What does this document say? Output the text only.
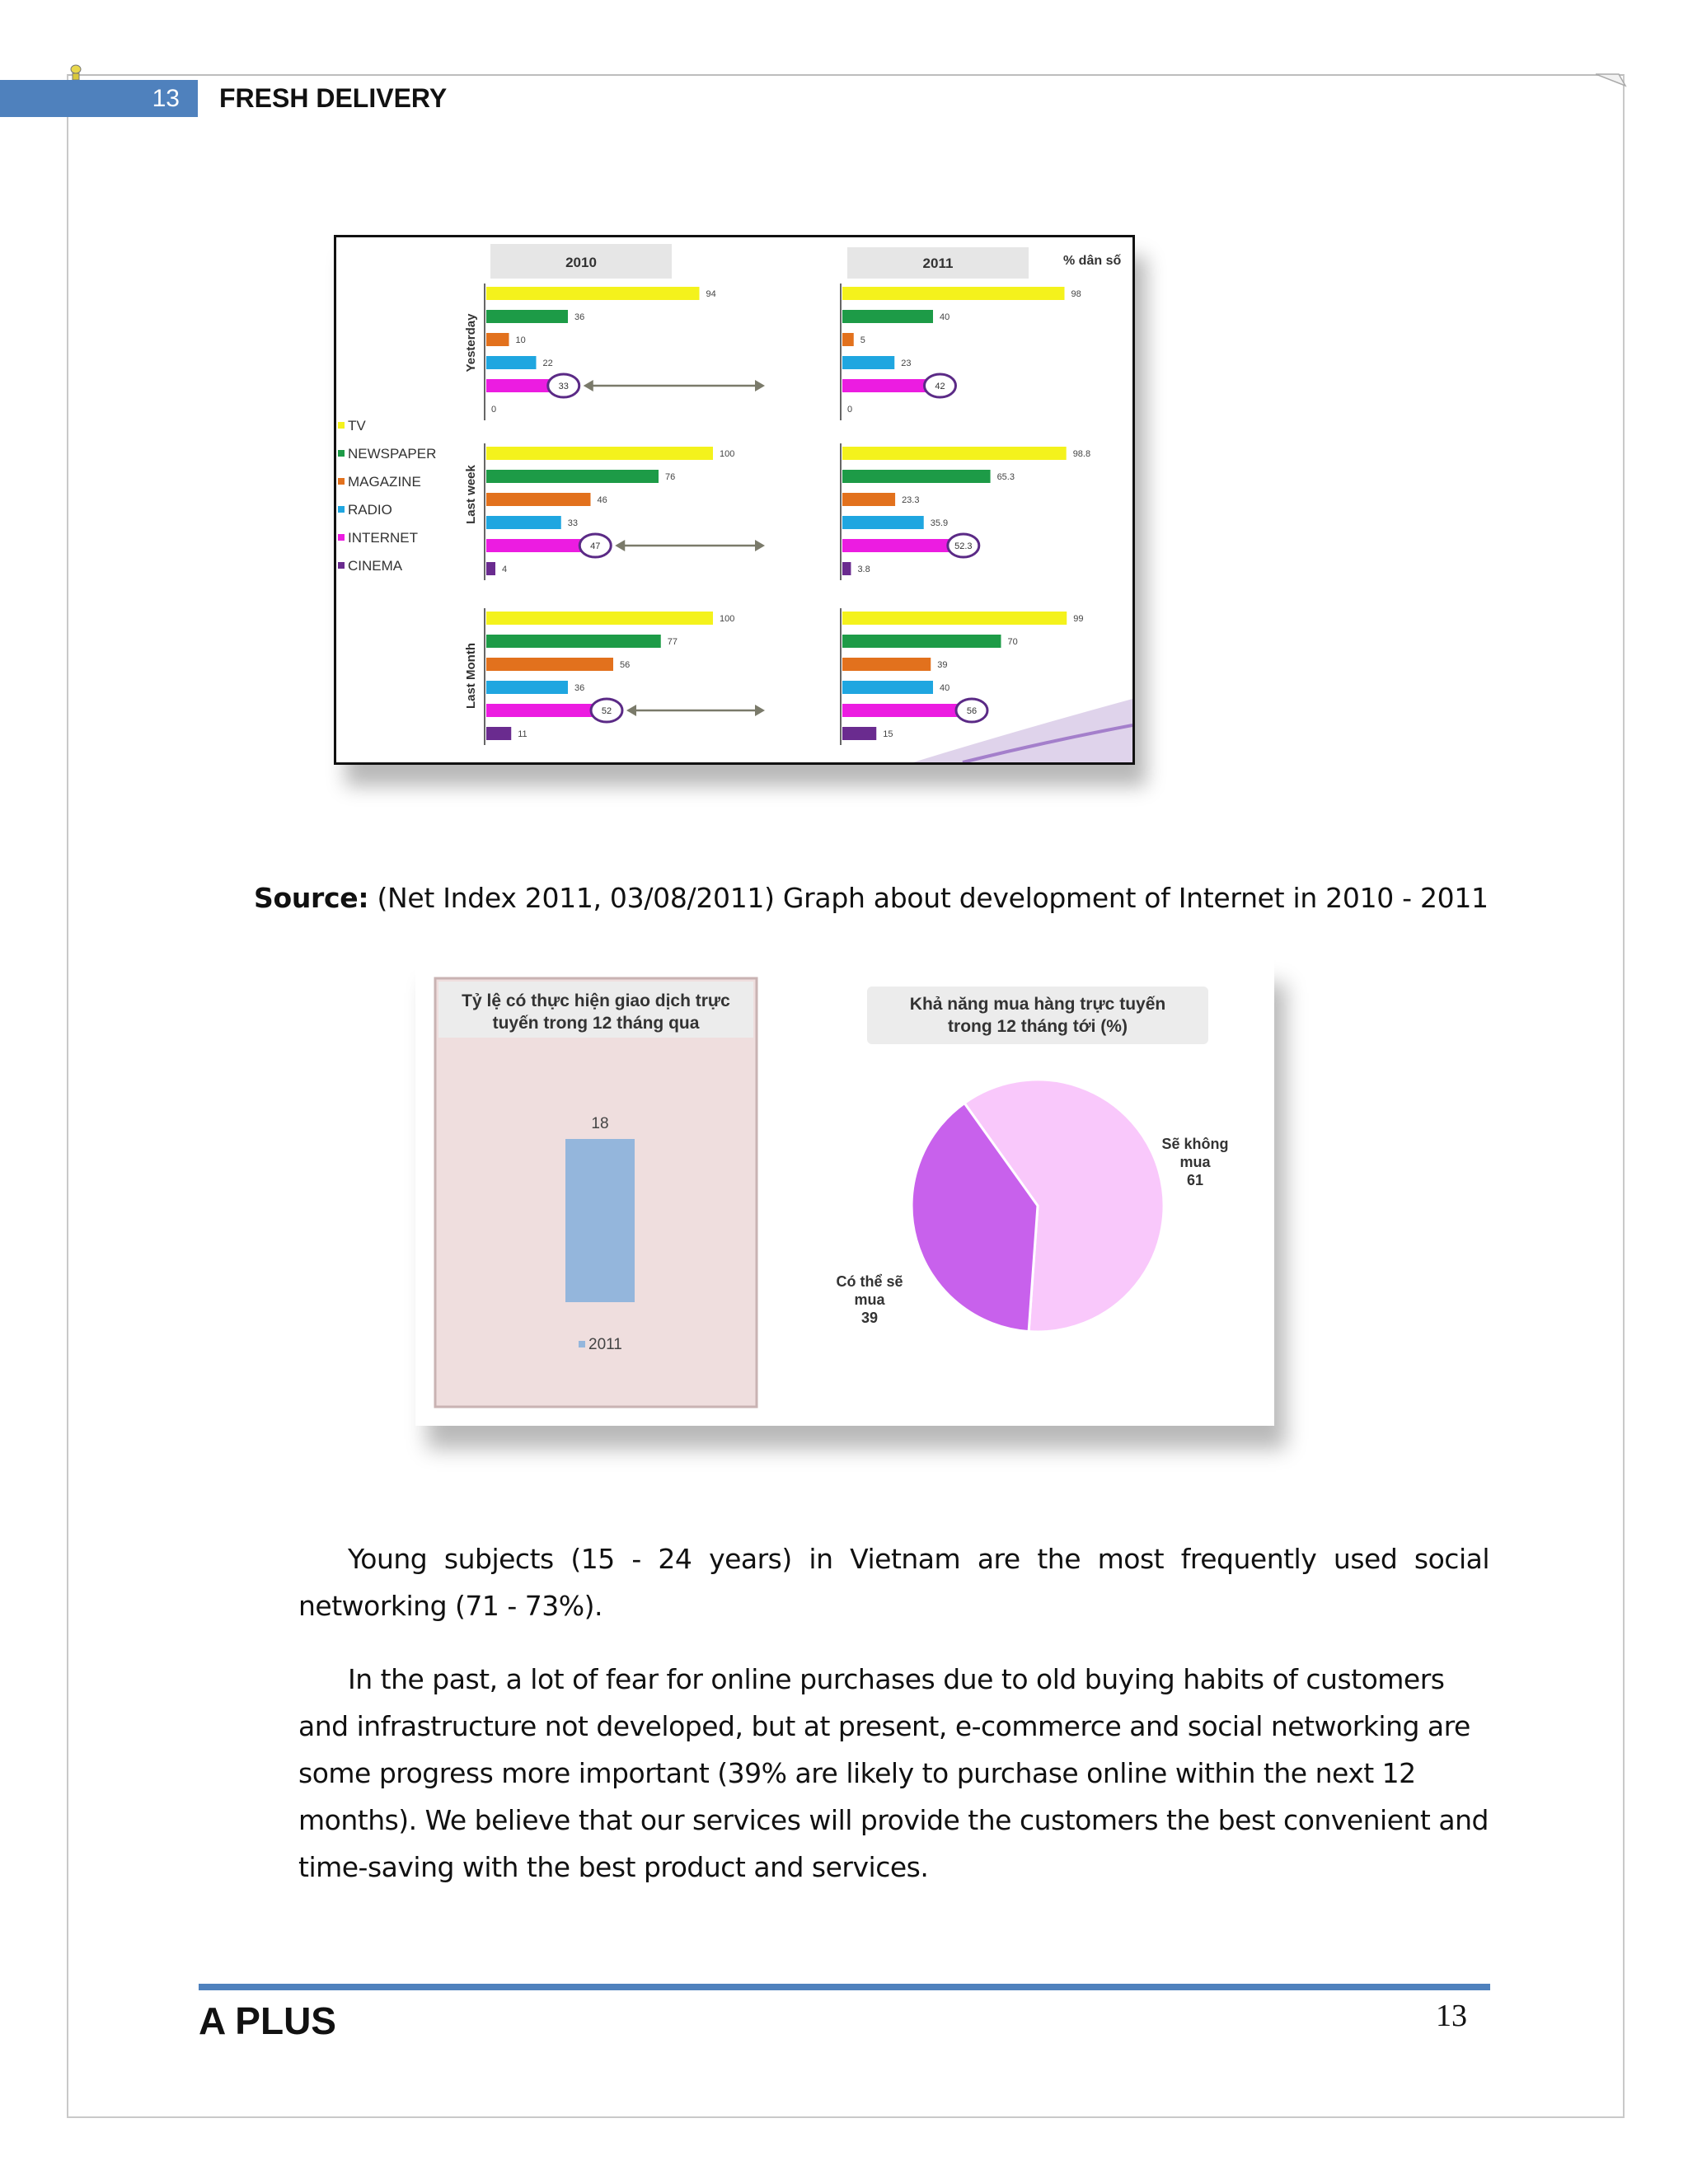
13	FRESH DELIVERY
2010	2011	% dân số
Yesterday
Last week
Last Month
TV
NEWSPAPER
MAGAZINE
RADIO
INTERNET
CINEMA
94
36
10
22
33
0
98
40
5
23
42
0
100
76
46
33
47
4
98.8
65.3
23.3
35.9
52.3
3.8
100
77
56
36
52
11
99
70
39
40
56
15
Source: (Net Index 2011, 03/08/2011) Graph about development of Internet in 2010 - 2011
Tỷ lệ có thực hiện giao dịch trực
tuyến trong 12 tháng qua
18
2011
Khả năng mua hàng trực tuyến
trong 12 tháng tới (%)
Sẽ không
mua
61
Có thể sẽ
mua
39
Young subjects (15 - 24 years) in Vietnam are the most frequently used social networking (71 - 73%).
In the past, a lot of fear for online purchases due to old buying habits of customers and infrastructure not developed, but at present, e-commerce and social networking are some progress more important (39% are likely to purchase online within the next 12 months). We believe that our services will provide the customers the best convenient and time-saving with the best product and services.
A PLUS	13
